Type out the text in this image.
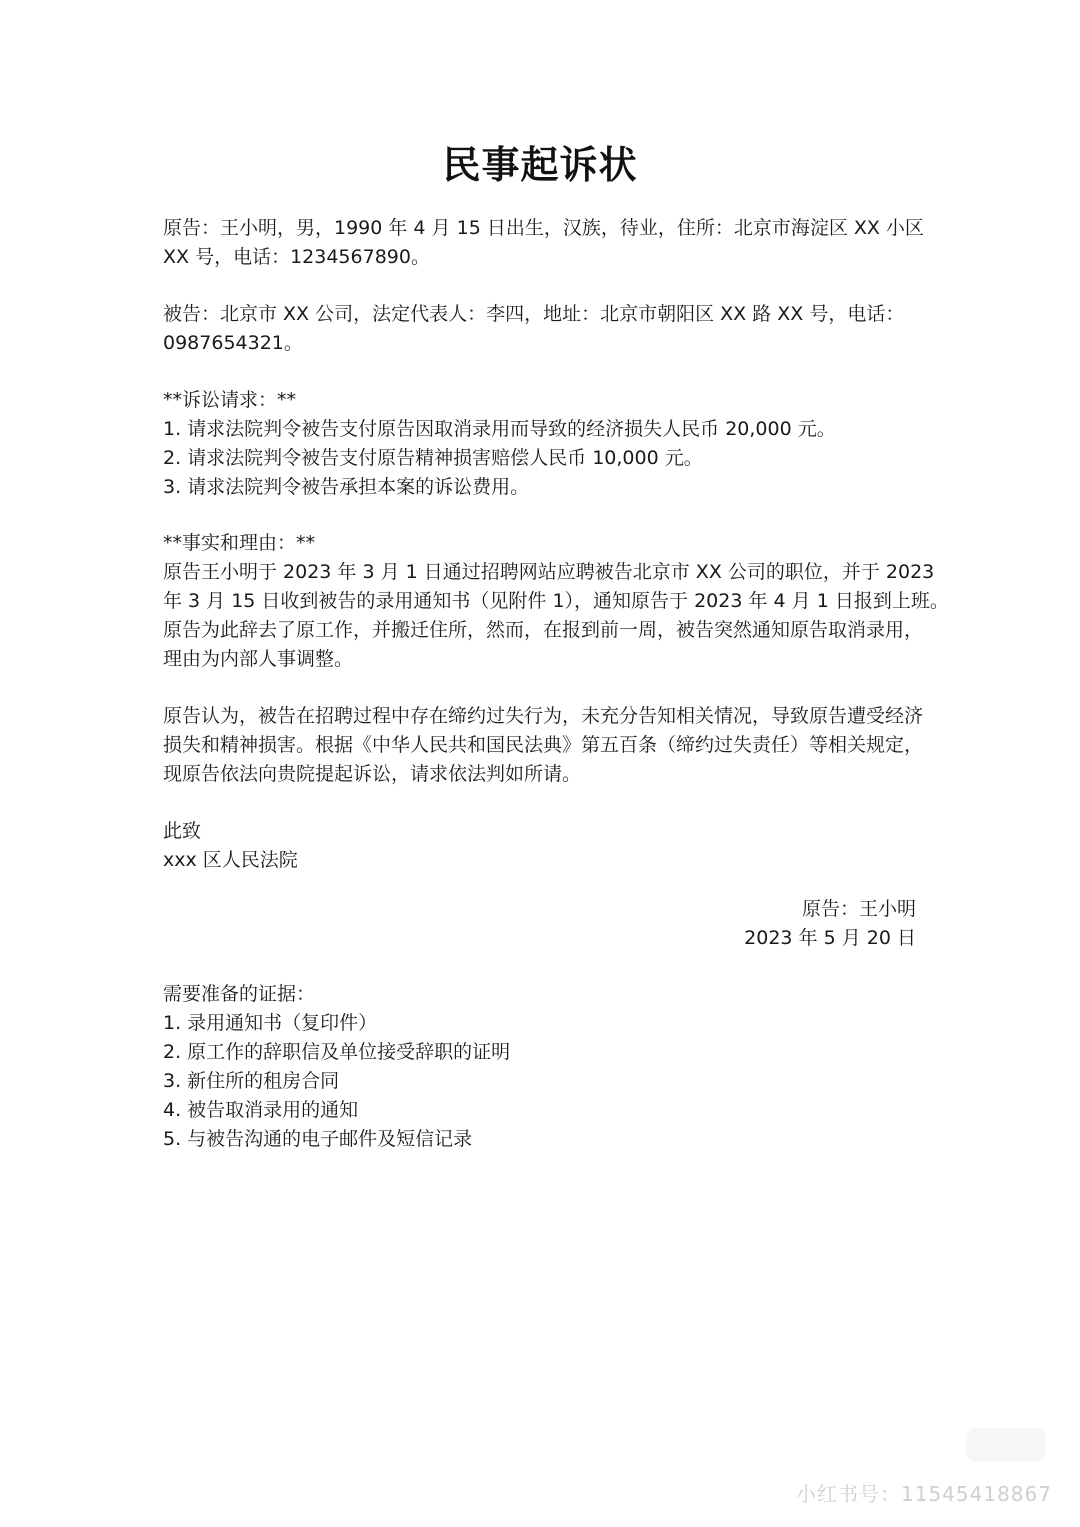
民事起诉状
原告：王小明，男，1990 年 4 月 15 日出生，汉族，待业，住所：北京市海淀区 XX 小区
XX 号，电话：1234567890。
被告：北京市 XX 公司，法定代表人：李四，地址：北京市朝阳区 XX 路 XX 号，电话：
0987654321。
**诉讼请求：**
1. 请求法院判令被告支付原告因取消录用而导致的经济损失人民币 20,000 元。
2. 请求法院判令被告支付原告精神损害赔偿人民币 10,000 元。
3. 请求法院判令被告承担本案的诉讼费用。
**事实和理由：**
原告王小明于 2023 年 3 月 1 日通过招聘网站应聘被告北京市 XX 公司的职位，并于 2023
年 3 月 15 日收到被告的录用通知书（见附件 1），通知原告于 2023 年 4 月 1 日报到上班。
原告为此辞去了原工作，并搬迁住所，然而，在报到前一周，被告突然通知原告取消录用，
理由为内部人事调整。
原告认为，被告在招聘过程中存在缔约过失行为，未充分告知相关情况，导致原告遭受经济
损失和精神损害。根据《中华人民共和国民法典》第五百条（缔约过失责任）等相关规定，
现原告依法向贵院提起诉讼，请求依法判如所请。
此致
xxx 区人民法院
原告：王小明
2023 年 5 月 20 日
需要准备的证据：
1. 录用通知书（复印件）
2. 原工作的辞职信及单位接受辞职的证明
3. 新住所的租房合同
4. 被告取消录用的通知
5. 与被告沟通的电子邮件及短信记录
小红书号：11545418867
